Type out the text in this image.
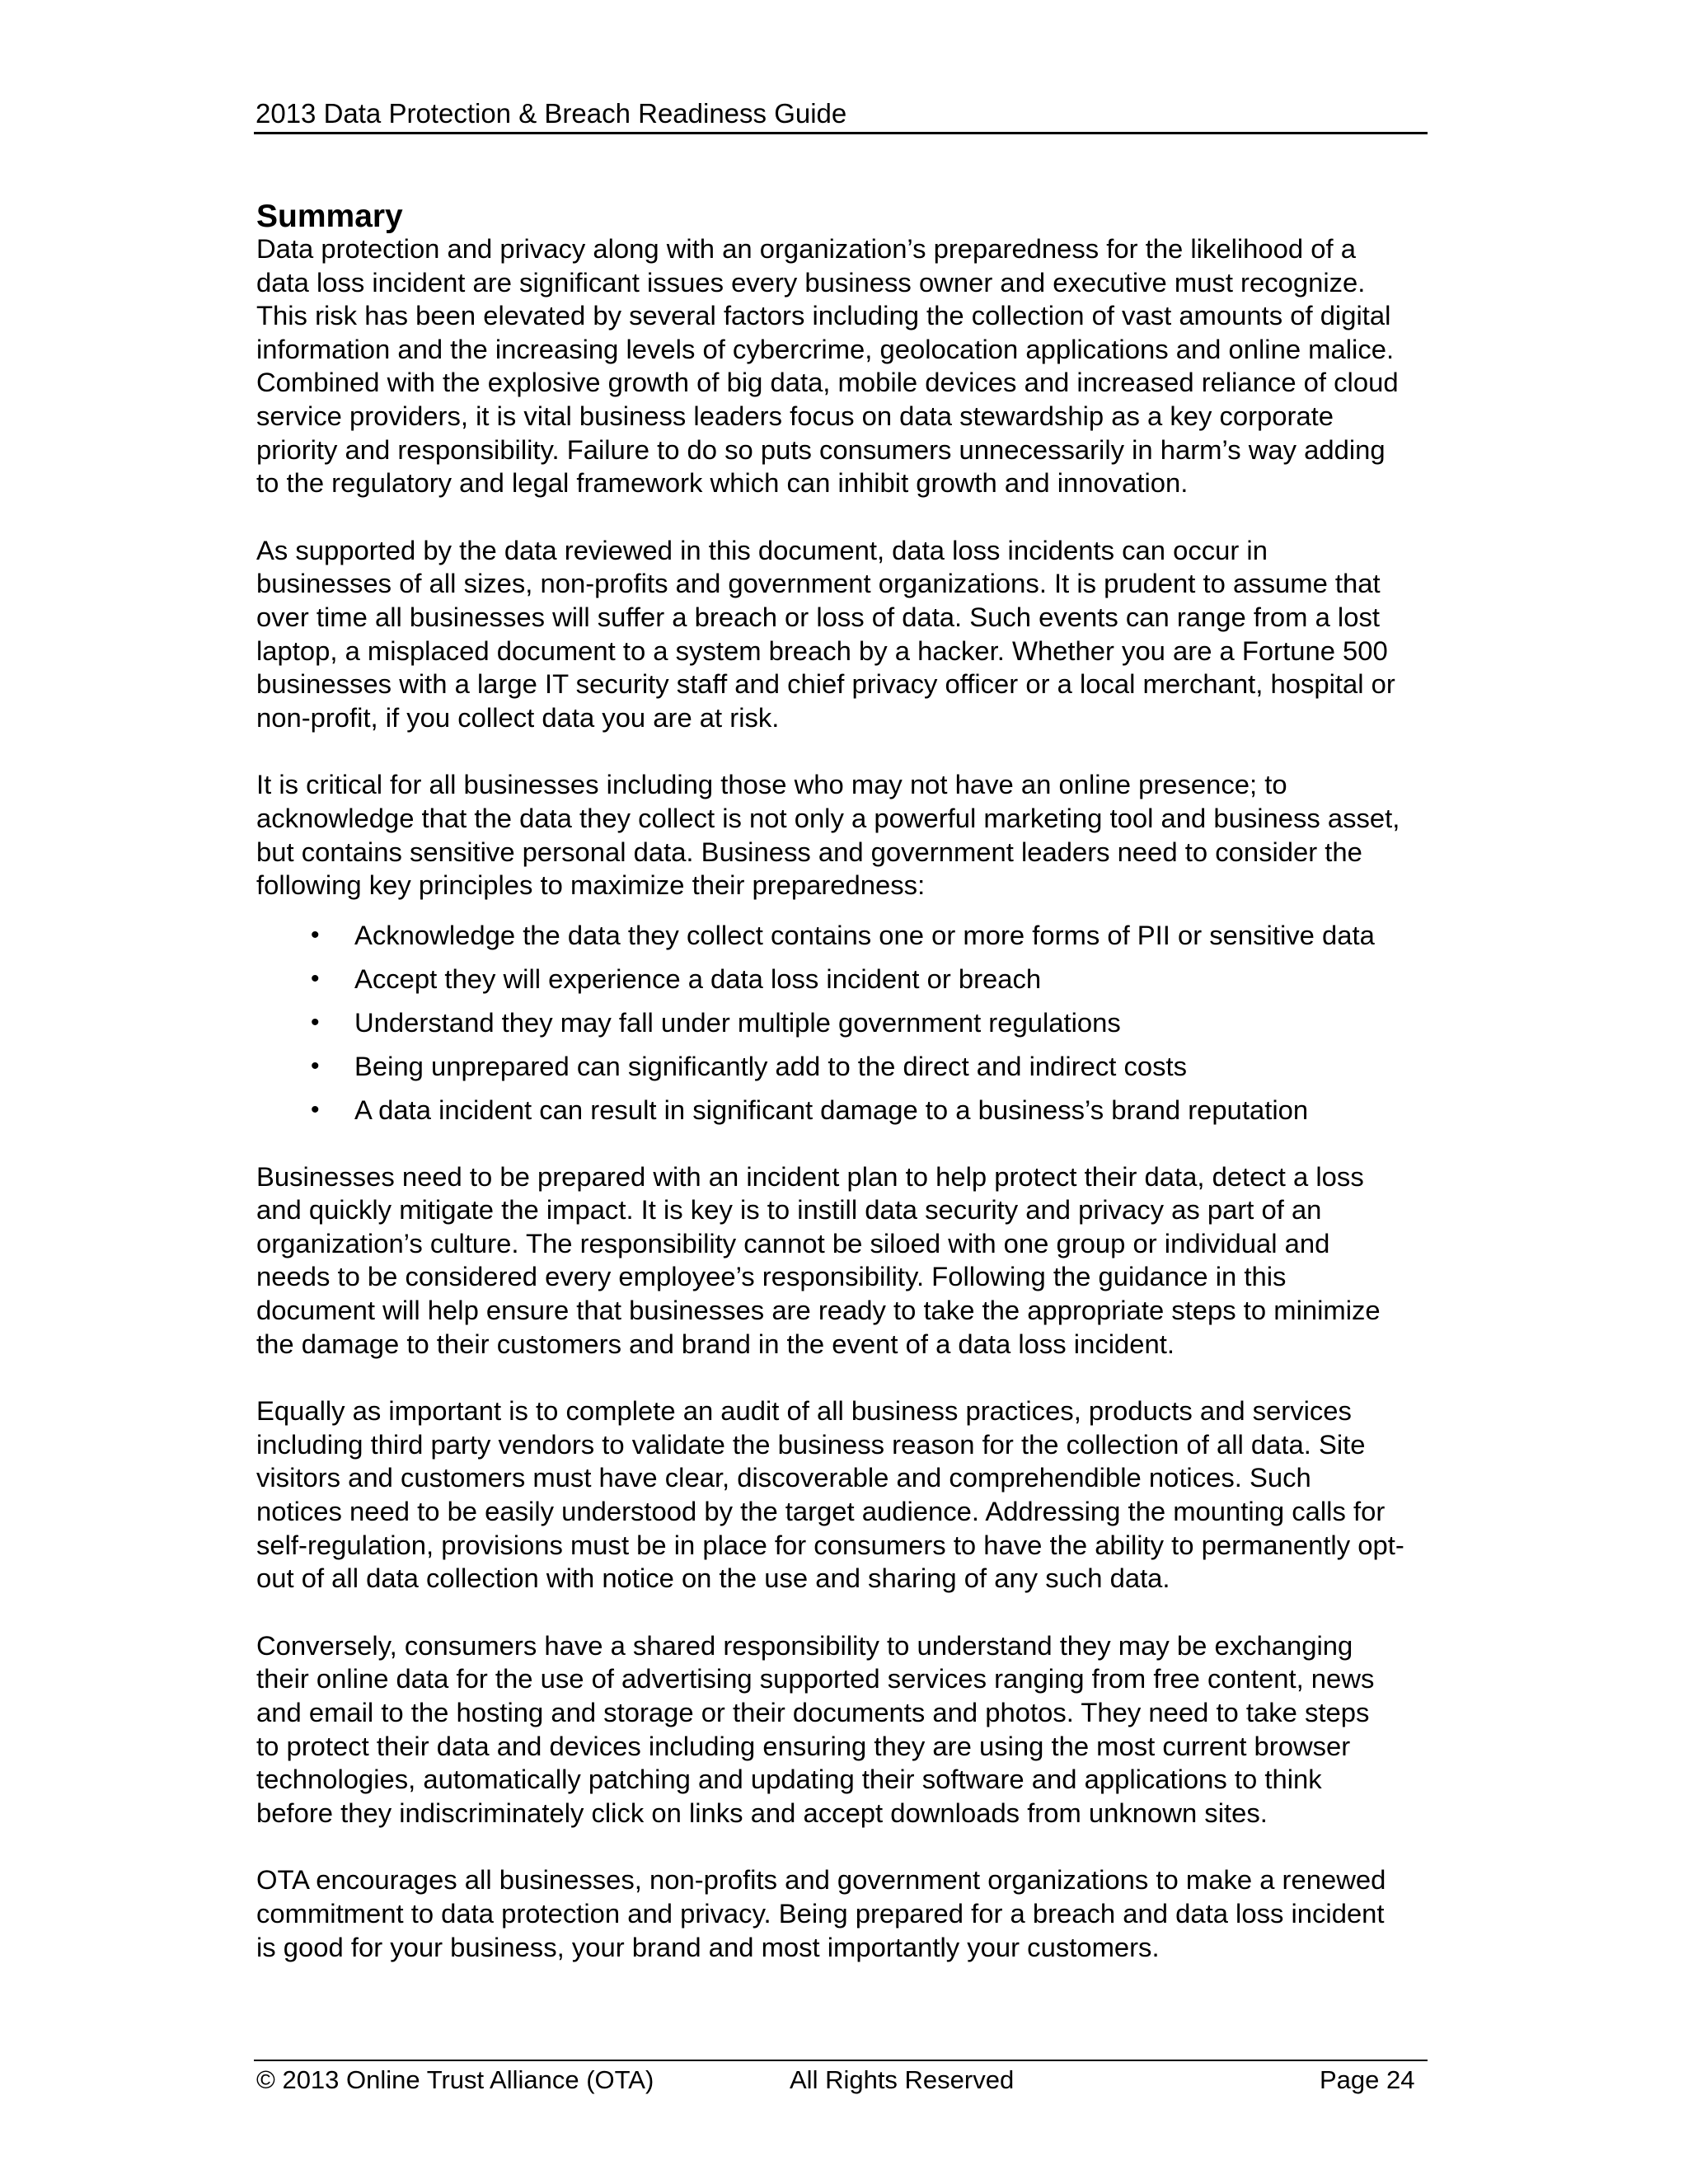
2013 Data Protection & Breach Readiness Guide
Summary

Data protection and privacy along with an organization’s preparedness for the likelihood of a
data loss incident are significant issues every business owner and executive must recognize.
This risk has been elevated by several factors including the collection of vast amounts of digital
information and the increasing levels of cybercrime, geolocation applications and online malice.
Combined with the explosive growth of big data, mobile devices and increased reliance of cloud
service providers, it is vital business leaders focus on data stewardship as a key corporate
priority and responsibility. Failure to do so puts consumers unnecessarily in harm’s way adding
to the regulatory and legal framework which can inhibit growth and innovation.

As supported by the data reviewed in this document, data loss incidents can occur in
businesses of all sizes, non-profits and government organizations. It is prudent to assume that
over time all businesses will suffer a breach or loss of data. Such events can range from a lost
laptop, a misplaced document to a system breach by a hacker. Whether you are a Fortune 500
businesses with a large IT security staff and chief privacy officer or a local merchant, hospital or
non-profit, if you collect data you are at risk.

It is critical for all businesses including those who may not have an online presence; to
acknowledge that the data they collect is not only a powerful marketing tool and business asset,
but contains sensitive personal data. Business and government leaders need to consider the
following key principles to maximize their preparedness:

• Acknowledge the data they collect contains one or more forms of PII or sensitive data
• Accept they will experience a data loss incident or breach
• Understand they may fall under multiple government regulations
• Being unprepared can significantly add to the direct and indirect costs
• A data incident can result in significant damage to a business’s brand reputation

Businesses need to be prepared with an incident plan to help protect their data, detect a loss
and quickly mitigate the impact. It is key is to instill data security and privacy as part of an
organization’s culture. The responsibility cannot be siloed with one group or individual and
needs to be considered every employee’s responsibility. Following the guidance in this
document will help ensure that businesses are ready to take the appropriate steps to minimize
the damage to their customers and brand in the event of a data loss incident.

Equally as important is to complete an audit of all business practices, products and services
including third party vendors to validate the business reason for the collection of all data. Site
visitors and customers must have clear, discoverable and comprehendible notices. Such
notices need to be easily understood by the target audience. Addressing the mounting calls for
self-regulation, provisions must be in place for consumers to have the ability to permanently opt-
out of all data collection with notice on the use and sharing of any such data.

Conversely, consumers have a shared responsibility to understand they may be exchanging
their online data for the use of advertising supported services ranging from free content, news
and email to the hosting and storage or their documents and photos. They need to take steps
to protect their data and devices including ensuring they are using the most current browser
technologies, automatically patching and updating their software and applications to think
before they indiscriminately click on links and accept downloads from unknown sites.

OTA encourages all businesses, non-profits and government organizations to make a renewed
commitment to data protection and privacy. Being prepared for a breach and data loss incident
is good for your business, your brand and most importantly your customers.

© 2013 Online Trust Alliance (OTA)	All Rights Reserved	Page 24
